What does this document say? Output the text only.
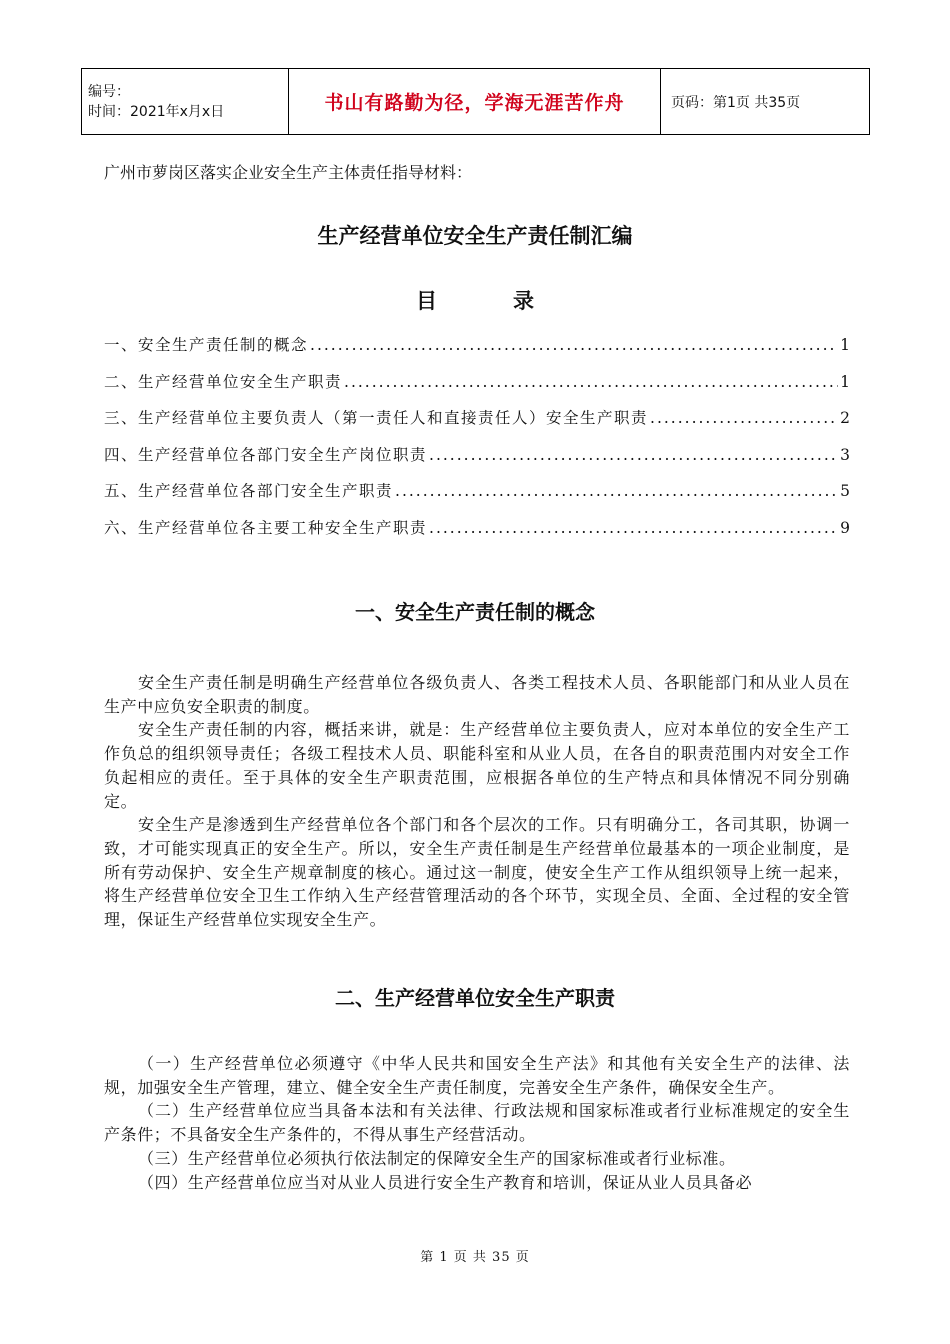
编号：
时间：2021年x月x日	书山有路勤为径，学海无涯苦作舟	页码：第1页 共35页
广州市萝岗区落实企业安全生产主体责任指导材料：
生产经营单位安全生产责任制汇编
目录
一、安全生产责任制的概念 .....	1
二、生产经营单位安全生产职责 .....	1
三、生产经营单位主要负责人（第一责任人和直接责任人）安全生产职责 .....	2
四、生产经营单位各部门安全生产岗位职责 .....	3
五、生产经营单位各部门安全生产职责 .....	5
六、生产经营单位各主要工种安全生产职责 .....	9
一、安全生产责任制的概念

安全生产责任制是明确生产经营单位各级负责人、各类工程技术人员、各职能部门和从业人员在生产中应负安全职责的制度。

安全生产责任制的内容，概括来讲，就是：生产经营单位主要负责人，应对本单位的安全生产工作负总的组织领导责任；各级工程技术人员、职能科室和从业人员，在各自的职责范围内对安全工作负起相应的责任。至于具体的安全生产职责范围，应根据各单位的生产特点和具体情况不同分别确定。

安全生产是渗透到生产经营单位各个部门和各个层次的工作。只有明确分工，各司其职，协调一致，才可能实现真正的安全生产。所以，安全生产责任制是生产经营单位最基本的一项企业制度，是所有劳动保护、安全生产规章制度的核心。通过这一制度，使安全生产工作从组织领导上统一起来，将生产经营单位安全卫生工作纳入生产经营管理活动的各个环节，实现全员、全面、全过程的安全管理，保证生产经营单位实现安全生产。

二、生产经营单位安全生产职责

（一）生产经营单位必须遵守《中华人民共和国安全生产法》和其他有关安全生产的法律、法规，加强安全生产管理，建立、健全安全生产责任制度，完善安全生产条件，确保安全生产。

（二）生产经营单位应当具备本法和有关法律、行政法规和国家标准或者行业标准规定的安全生产条件；不具备安全生产条件的，不得从事生产经营活动。

（三）生产经营单位必须执行依法制定的保障安全生产的国家标准或者行业标准。

（四）生产经营单位应当对从业人员进行安全生产教育和培训，保证从业人员具备必

第 1 页 共 35 页
